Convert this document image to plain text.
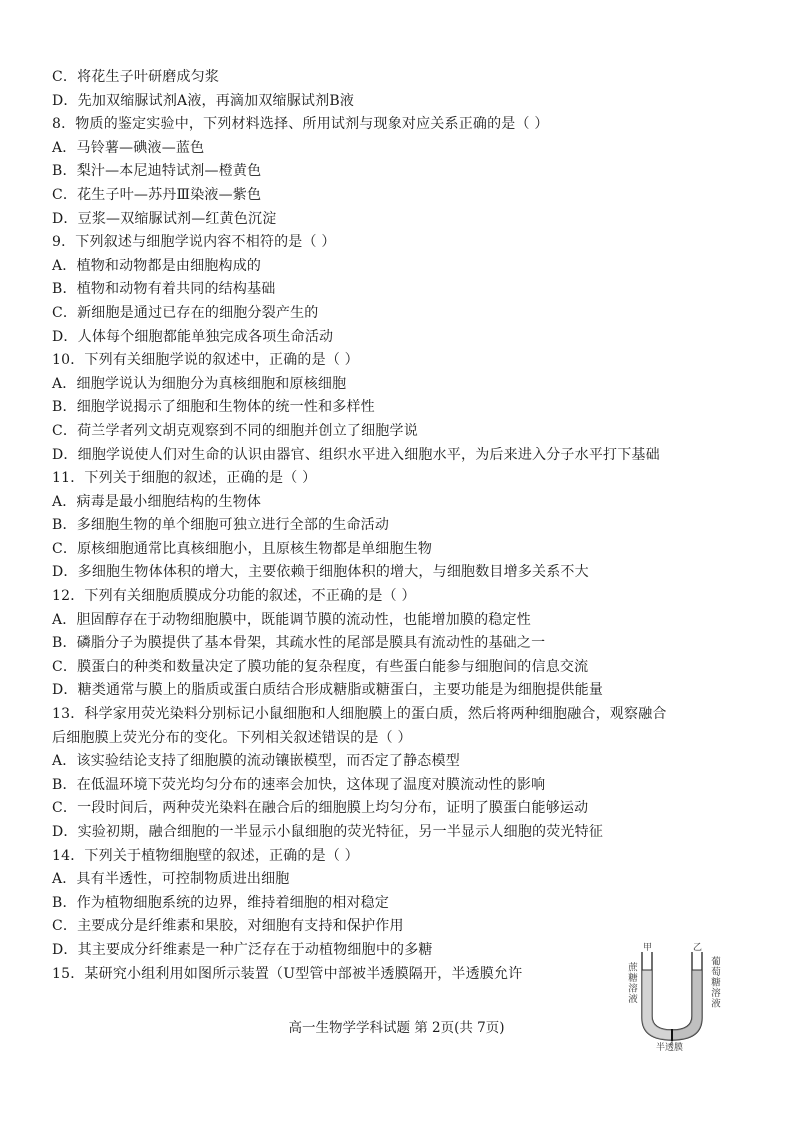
C．将花生子叶研磨成匀浆
D．先加双缩脲试剂A液，再滴加双缩脲试剂B液
8．物质的鉴定实验中，下列材料选择、所用试剂与现象对应关系正确的是（ ）
A．马铃薯—碘液—蓝色
B．梨汁—本尼迪特试剂—橙黄色
C．花生子叶—苏丹Ⅲ染液—紫色
D．豆浆—双缩脲试剂—红黄色沉淀
9．下列叙述与细胞学说内容不相符的是（ ）
A．植物和动物都是由细胞构成的
B．植物和动物有着共同的结构基础
C．新细胞是通过已存在的细胞分裂产生的
D．人体每个细胞都能单独完成各项生命活动
10．下列有关细胞学说的叙述中，正确的是（ ）
A．细胞学说认为细胞分为真核细胞和原核细胞
B．细胞学说揭示了细胞和生物体的统一性和多样性
C．荷兰学者列文胡克观察到不同的细胞并创立了细胞学说
D．细胞学说使人们对生命的认识由器官、组织水平进入细胞水平，为后来进入分子水平打下基础
11．下列关于细胞的叙述，正确的是（ ）
A．病毒是最小细胞结构的生物体
B．多细胞生物的单个细胞可独立进行全部的生命活动
C．原核细胞通常比真核细胞小，且原核生物都是单细胞生物
D．多细胞生物体体积的增大，主要依赖于细胞体积的增大，与细胞数目增多关系不大
12．下列有关细胞质膜成分功能的叙述，不正确的是（ ）
A．胆固醇存在于动物细胞膜中，既能调节膜的流动性，也能增加膜的稳定性
B．磷脂分子为膜提供了基本骨架，其疏水性的尾部是膜具有流动性的基础之一
C．膜蛋白的种类和数量决定了膜功能的复杂程度，有些蛋白能参与细胞间的信息交流
D．糖类通常与膜上的脂质或蛋白质结合形成糖脂或糖蛋白，主要功能是为细胞提供能量
13．科学家用荧光染料分别标记小鼠细胞和人细胞膜上的蛋白质，然后将两种细胞融合，观察融合
后细胞膜上荧光分布的变化。下列相关叙述错误的是（ ）
A．该实验结论支持了细胞膜的流动镶嵌模型，而否定了静态模型
B．在低温环境下荧光均匀分布的速率会加快，这体现了温度对膜流动性的影响
C．一段时间后，两种荧光染料在融合后的细胞膜上均匀分布，证明了膜蛋白能够运动
D．实验初期，融合细胞的一半显示小鼠细胞的荧光特征，另一半显示人细胞的荧光特征
14．下列关于植物细胞壁的叙述，正确的是（ ）
A．具有半透性，可控制物质进出细胞
B．作为植物细胞系统的边界，维持着细胞的相对稳定
C．主要成分是纤维素和果胶，对细胞有支持和保护作用
D．其主要成分纤维素是一种广泛存在于动植物细胞中的多糖
15．某研究小组利用如图所示装置（U型管中部被半透膜隔开，半透膜允许
甲	乙
蔗糖溶液	葡萄糖溶液
半透膜
高一生物学学科试题 第 2页(共 7页)
